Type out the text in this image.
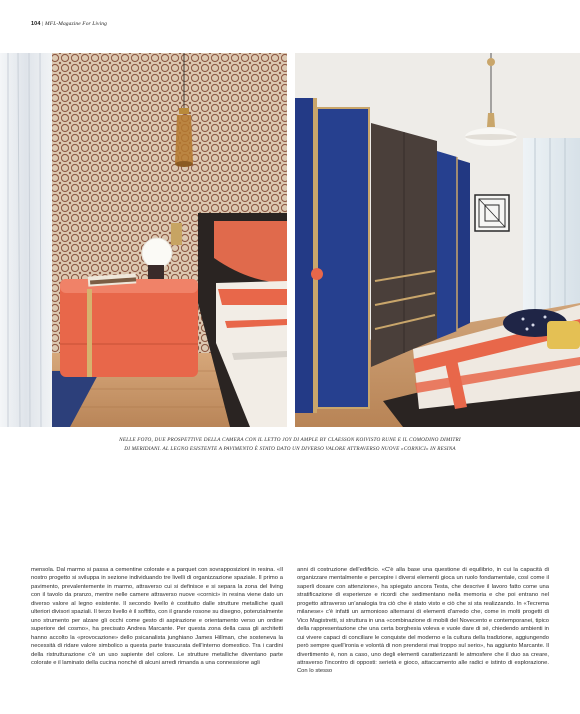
104 | MFL-Magazine For Living
NELLE FOTO, DUE PROSPETTIVE DELLA CAMERA CON IL LETTO JOY DI AMPLE BY CLAESSON KOIVISTO RUNE E IL COMODINO DIMITRI
DI MERIDIANI. AL LEGNO ESISTENTE A PAVIMENTO È STATO DATO UN DIVERSO VALORE ATTRAVERSO NUOVE «CORNICI» IN RESINA
mensola. Dal marmo si passa a cementine colorate e a parquet con sovrapposizioni in resina. «Il nostro progetto si sviluppa in sezione individuando tre livelli di organizzazione spaziale. Il primo a pavimento, prevalentemente in marmo, attraverso cui si definisce e si separa la zona del living con il tavolo da pranzo, mentre nelle camere attraverso nuove «cornici» in resina viene dato un diverso valore al legno esistente. Il secondo livello è costituito dalle strutture metalliche quali ulteriori divisori spaziali. Il terzo livello è il soffitto, con il grande rosone su disegno, potenzialmente uno strumento per alzare gli occhi come gesto di aspirazione e orientamento verso un ordine superiore del cosmo», ha precisato Andrea Marcante. Per questa zona della casa gli architetti hanno accolto la «provocazione» dello psicanalista junghiano James Hillman, che sosteneva la necessità di ridare valore simbolico a questa parte trascurata dell'interno domestico. Tra i cardini della ristrutturazione c'è un uso sapiente del colore. Le strutture metalliche diventano parte colorate e il laminato della cucina nonché di alcuni arredi rimanda a una connessione agli
anni di costruzione dell'edificio. «C'è alla base una questione di equilibrio, in cui la capacità di organizzare mentalmente e percepire i diversi elementi gioca un ruolo fondamentale, così come il saperli dosare con attenzione», ha spiegato ancora Testa, che descrive il lavoro fatto come una stratificazione di esperienze e ricordi che sedimentano nella memoria e che poi entrano nel progetto attraverso un'analogia tra ciò che è stato visto e ciò che si sta realizzando. In «Tecrema milanese» c'è infatti un armonioso alternarsi di elementi d'arredo che, come in molti progetti di Vico Magistretti, si struttura in una «combinazione di mobili del Novecento e contemporanei, tipico della rappresentazione che una certa borghesia voleva e vuole dare di sé, chiedendo ambienti in cui vivere capaci di conciliare le conquiste del moderno e la cultura della tradizione, aggiungendo però sempre quell'ironia e volontà di non prendersi mai troppo sul serio», ha aggiunto Marcante. Il divertimento è, non a caso, uno degli elementi caratterizzanti le atmosfere che il duo sa creare, attraverso l'incontro di opposti: serietà e gioco, attaccamento alle radici e istinto di esplorazione. Con lo stesso
